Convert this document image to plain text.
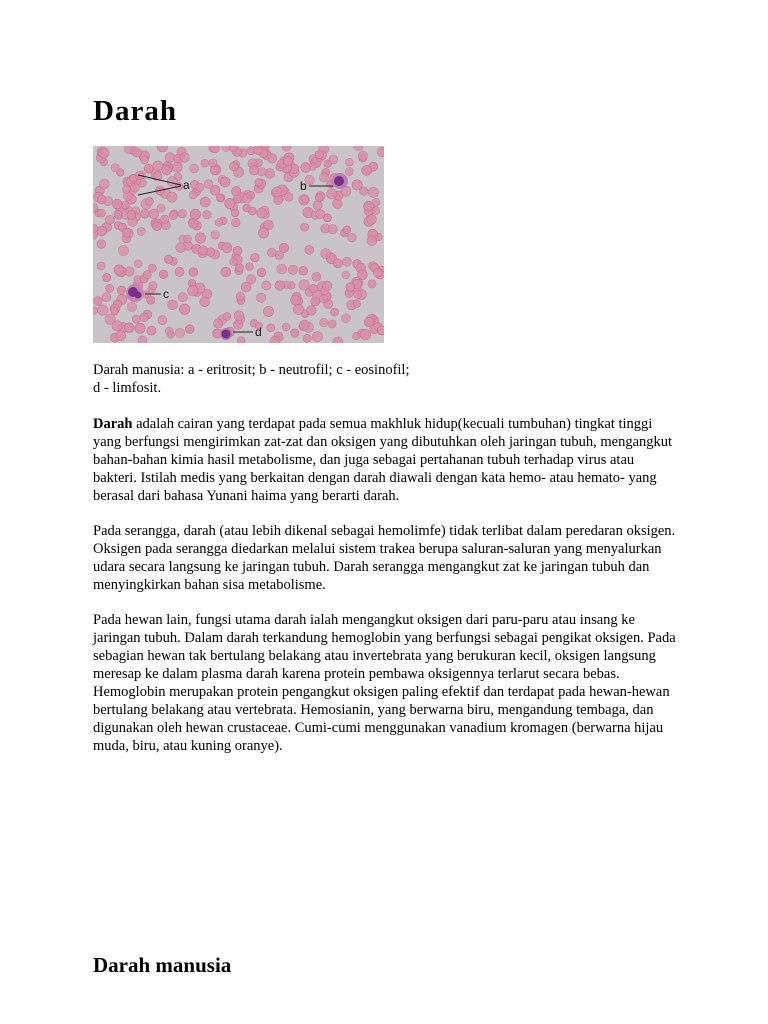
Darah
a	b
c
d
Darah manusia: a - eritrosit; b - neutrofil; c - eosinofil;
d - limfosit.

Darah adalah cairan yang terdapat pada semua makhluk hidup(kecuali tumbuhan) tingkat tinggi yang berfungsi mengirimkan zat-zat dan oksigen yang dibutuhkan oleh jaringan tubuh, mengangkut bahan-bahan kimia hasil metabolisme, dan juga sebagai pertahanan tubuh terhadap virus atau bakteri. Istilah medis yang berkaitan dengan darah diawali dengan kata hemo- atau hemato- yang berasal dari bahasa Yunani haima yang berarti darah.

Pada serangga, darah (atau lebih dikenal sebagai hemolimfe) tidak terlibat dalam peredaran oksigen. Oksigen pada serangga diedarkan melalui sistem trakea berupa saluran-saluran yang menyalurkan udara secara langsung ke jaringan tubuh. Darah serangga mengangkut zat ke jaringan tubuh dan menyingkirkan bahan sisa metabolisme.

Pada hewan lain, fungsi utama darah ialah mengangkut oksigen dari paru-paru atau insang ke jaringan tubuh. Dalam darah terkandung hemoglobin yang berfungsi sebagai pengikat oksigen. Pada sebagian hewan tak bertulang belakang atau invertebrata yang berukuran kecil, oksigen langsung meresap ke dalam plasma darah karena protein pembawa oksigennya terlarut secara bebas. Hemoglobin merupakan protein pengangkut oksigen paling efektif dan terdapat pada hewan-hewan bertulang belakang atau vertebrata. Hemosianin, yang berwarna biru, mengandung tembaga, dan digunakan oleh hewan crustaceae. Cumi-cumi menggunakan vanadium kromagen (berwarna hijau muda, biru, atau kuning oranye).

Darah manusia
